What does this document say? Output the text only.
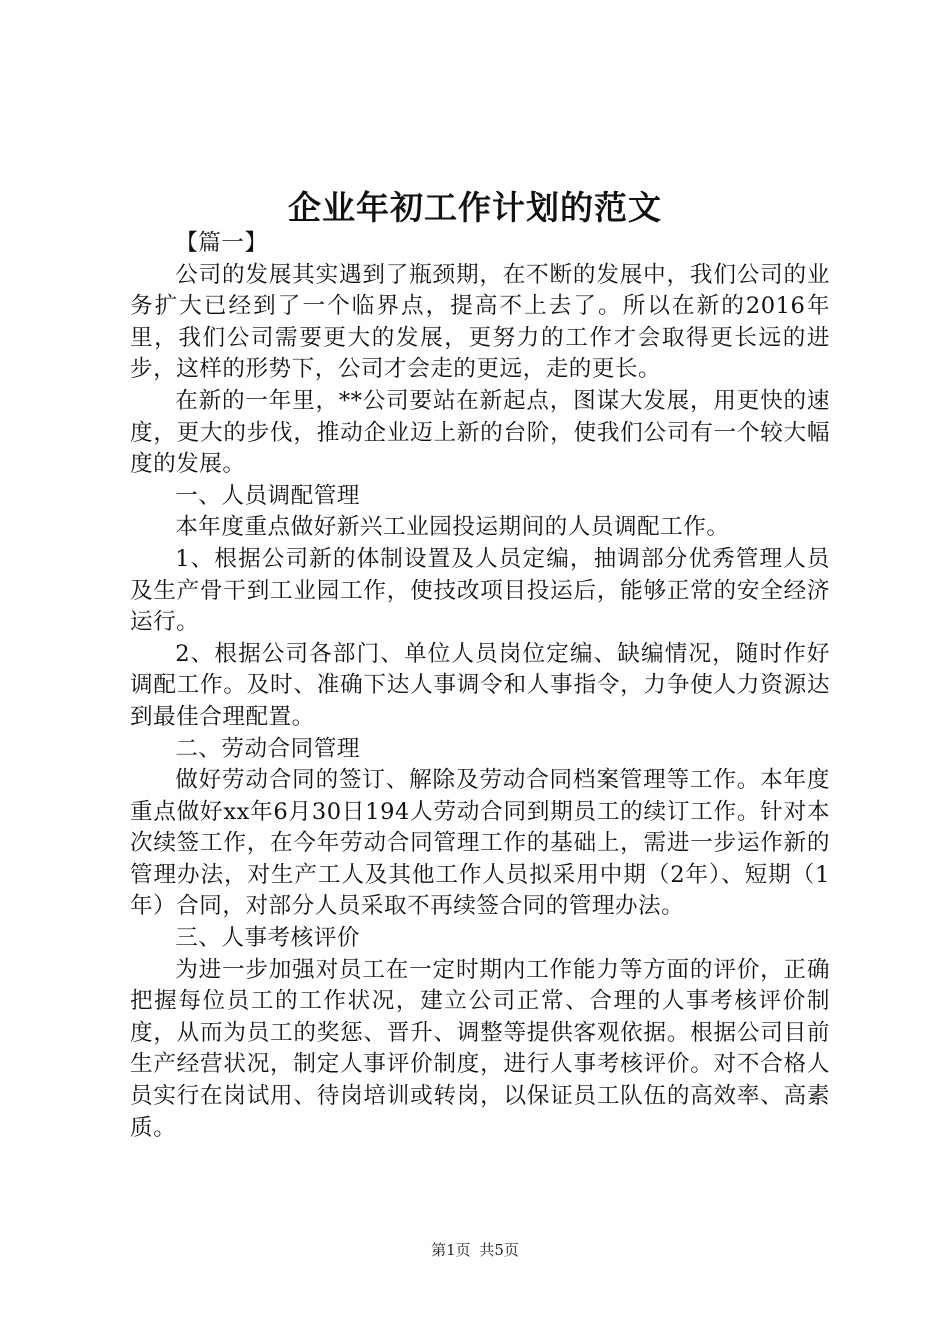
企业年初工作计划的范文

【篇一】

公司的发展其实遇到了瓶颈期，在不断的发展中，我们公司的业务扩大已经到了一个临界点，提高不上去了。所以在新的2016年里，我们公司需要更大的发展，更努力的工作才会取得更长远的进步，这样的形势下，公司才会走的更远，走的更长。

在新的一年里，**公司要站在新起点，图谋大发展，用更快的速度，更大的步伐，推动企业迈上新的台阶，使我们公司有一个较大幅度的发展。

一、人员调配管理

本年度重点做好新兴工业园投运期间的人员调配工作。

1、根据公司新的体制设置及人员定编，抽调部分优秀管理人员及生产骨干到工业园工作，使技改项目投运后，能够正常的安全经济运行。

2、根据公司各部门、单位人员岗位定编、缺编情况，随时作好调配工作。及时、准确下达人事调令和人事指令，力争使人力资源达到最佳合理配置。

二、劳动合同管理

做好劳动合同的签订、解除及劳动合同档案管理等工作。本年度重点做好xx年6月30日194人劳动合同到期员工的续订工作。针对本次续签工作，在今年劳动合同管理工作的基础上，需进一步运作新的管理办法，对生产工人及其他工作人员拟采用中期（2年）、短期（1年）合同，对部分人员采取不再续签合同的管理办法。

三、人事考核评价

为进一步加强对员工在一定时期内工作能力等方面的评价，正确把握每位员工的工作状况，建立公司正常、合理的人事考核评价制度，从而为员工的奖惩、晋升、调整等提供客观依据。根据公司目前生产经营状况，制定人事评价制度，进行人事考核评价。对不合格人员实行在岗试用、待岗培训或转岗，以保证员工队伍的高效率、高素质。

第1页 共5页
